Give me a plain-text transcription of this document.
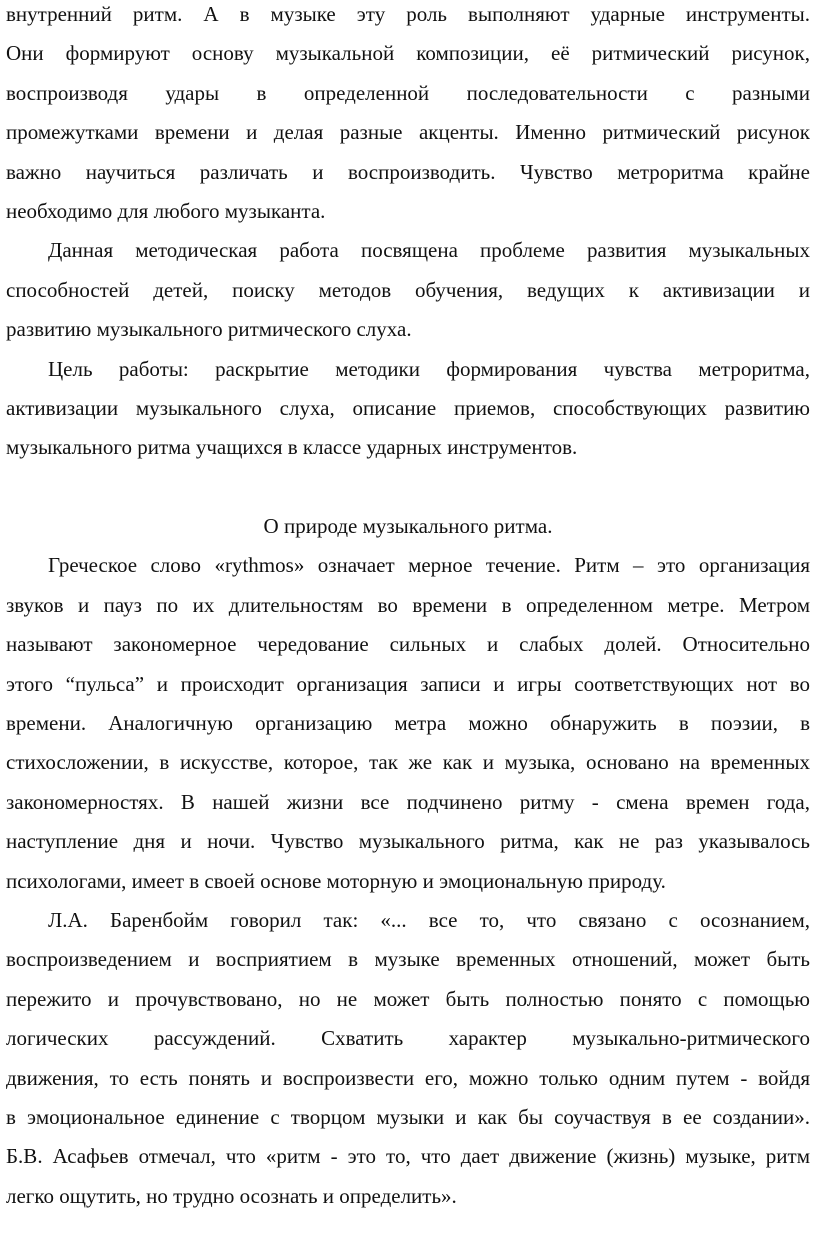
внутренний ритм. А в музыке эту роль выполняют ударные инструменты.
Они формируют основу музыкальной композиции, её ритмический рисунок,
воспроизводя удары в определенной последовательности с разными
промежутками времени и делая разные акценты. Именно ритмический рисунок
важно научиться различать и воспроизводить. Чувство метроритма крайне
необходимо для любого музыканта.
Данная методическая работа посвящена проблеме развития музыкальных
способностей детей, поиску методов обучения, ведущих к активизации и
развитию музыкального ритмического слуха.
Цель работы: раскрытие методики формирования чувства метроритма,
активизации музыкального слуха, описание приемов, способствующих развитию
музыкального ритма учащихся в классе ударных инструментов.
О природе музыкального ритма.
Греческое слово «rythmos» означает мерное течение. Ритм – это организация
звуков и пауз по их длительностям во времени в определенном метре. Метром
называют закономерное чередование сильных и слабых долей. Относительно
этого “пульса” и происходит организация записи и игры соответствующих нот во
времени. Аналогичную организацию метра можно обнаружить в поэзии, в
стихосложении, в искусстве, которое, так же как и музыка, основано на временных
закономерностях. В нашей жизни все подчинено ритму - смена времен года,
наступление дня и ночи. Чувство музыкального ритма, как не раз указывалось
психологами, имеет в своей основе моторную и эмоциональную природу.
Л.А. Баренбойм говорил так: «... все то, что связано с осознанием,
воспроизведением и восприятием в музыке временных отношений, может быть
пережито и прочувствовано, но не может быть полностью понято с помощью
логических рассуждений. Схватить характер музыкально-ритмического
движения, то есть понять и воспроизвести его, можно только одним путем - войдя
в эмоциональное единение с творцом музыки и как бы соучаствуя в ее создании».
Б.В. Асафьев отмечал, что «ритм - это то, что дает движение (жизнь) музыке, ритм
легко ощутить, но трудно осознать и определить».
